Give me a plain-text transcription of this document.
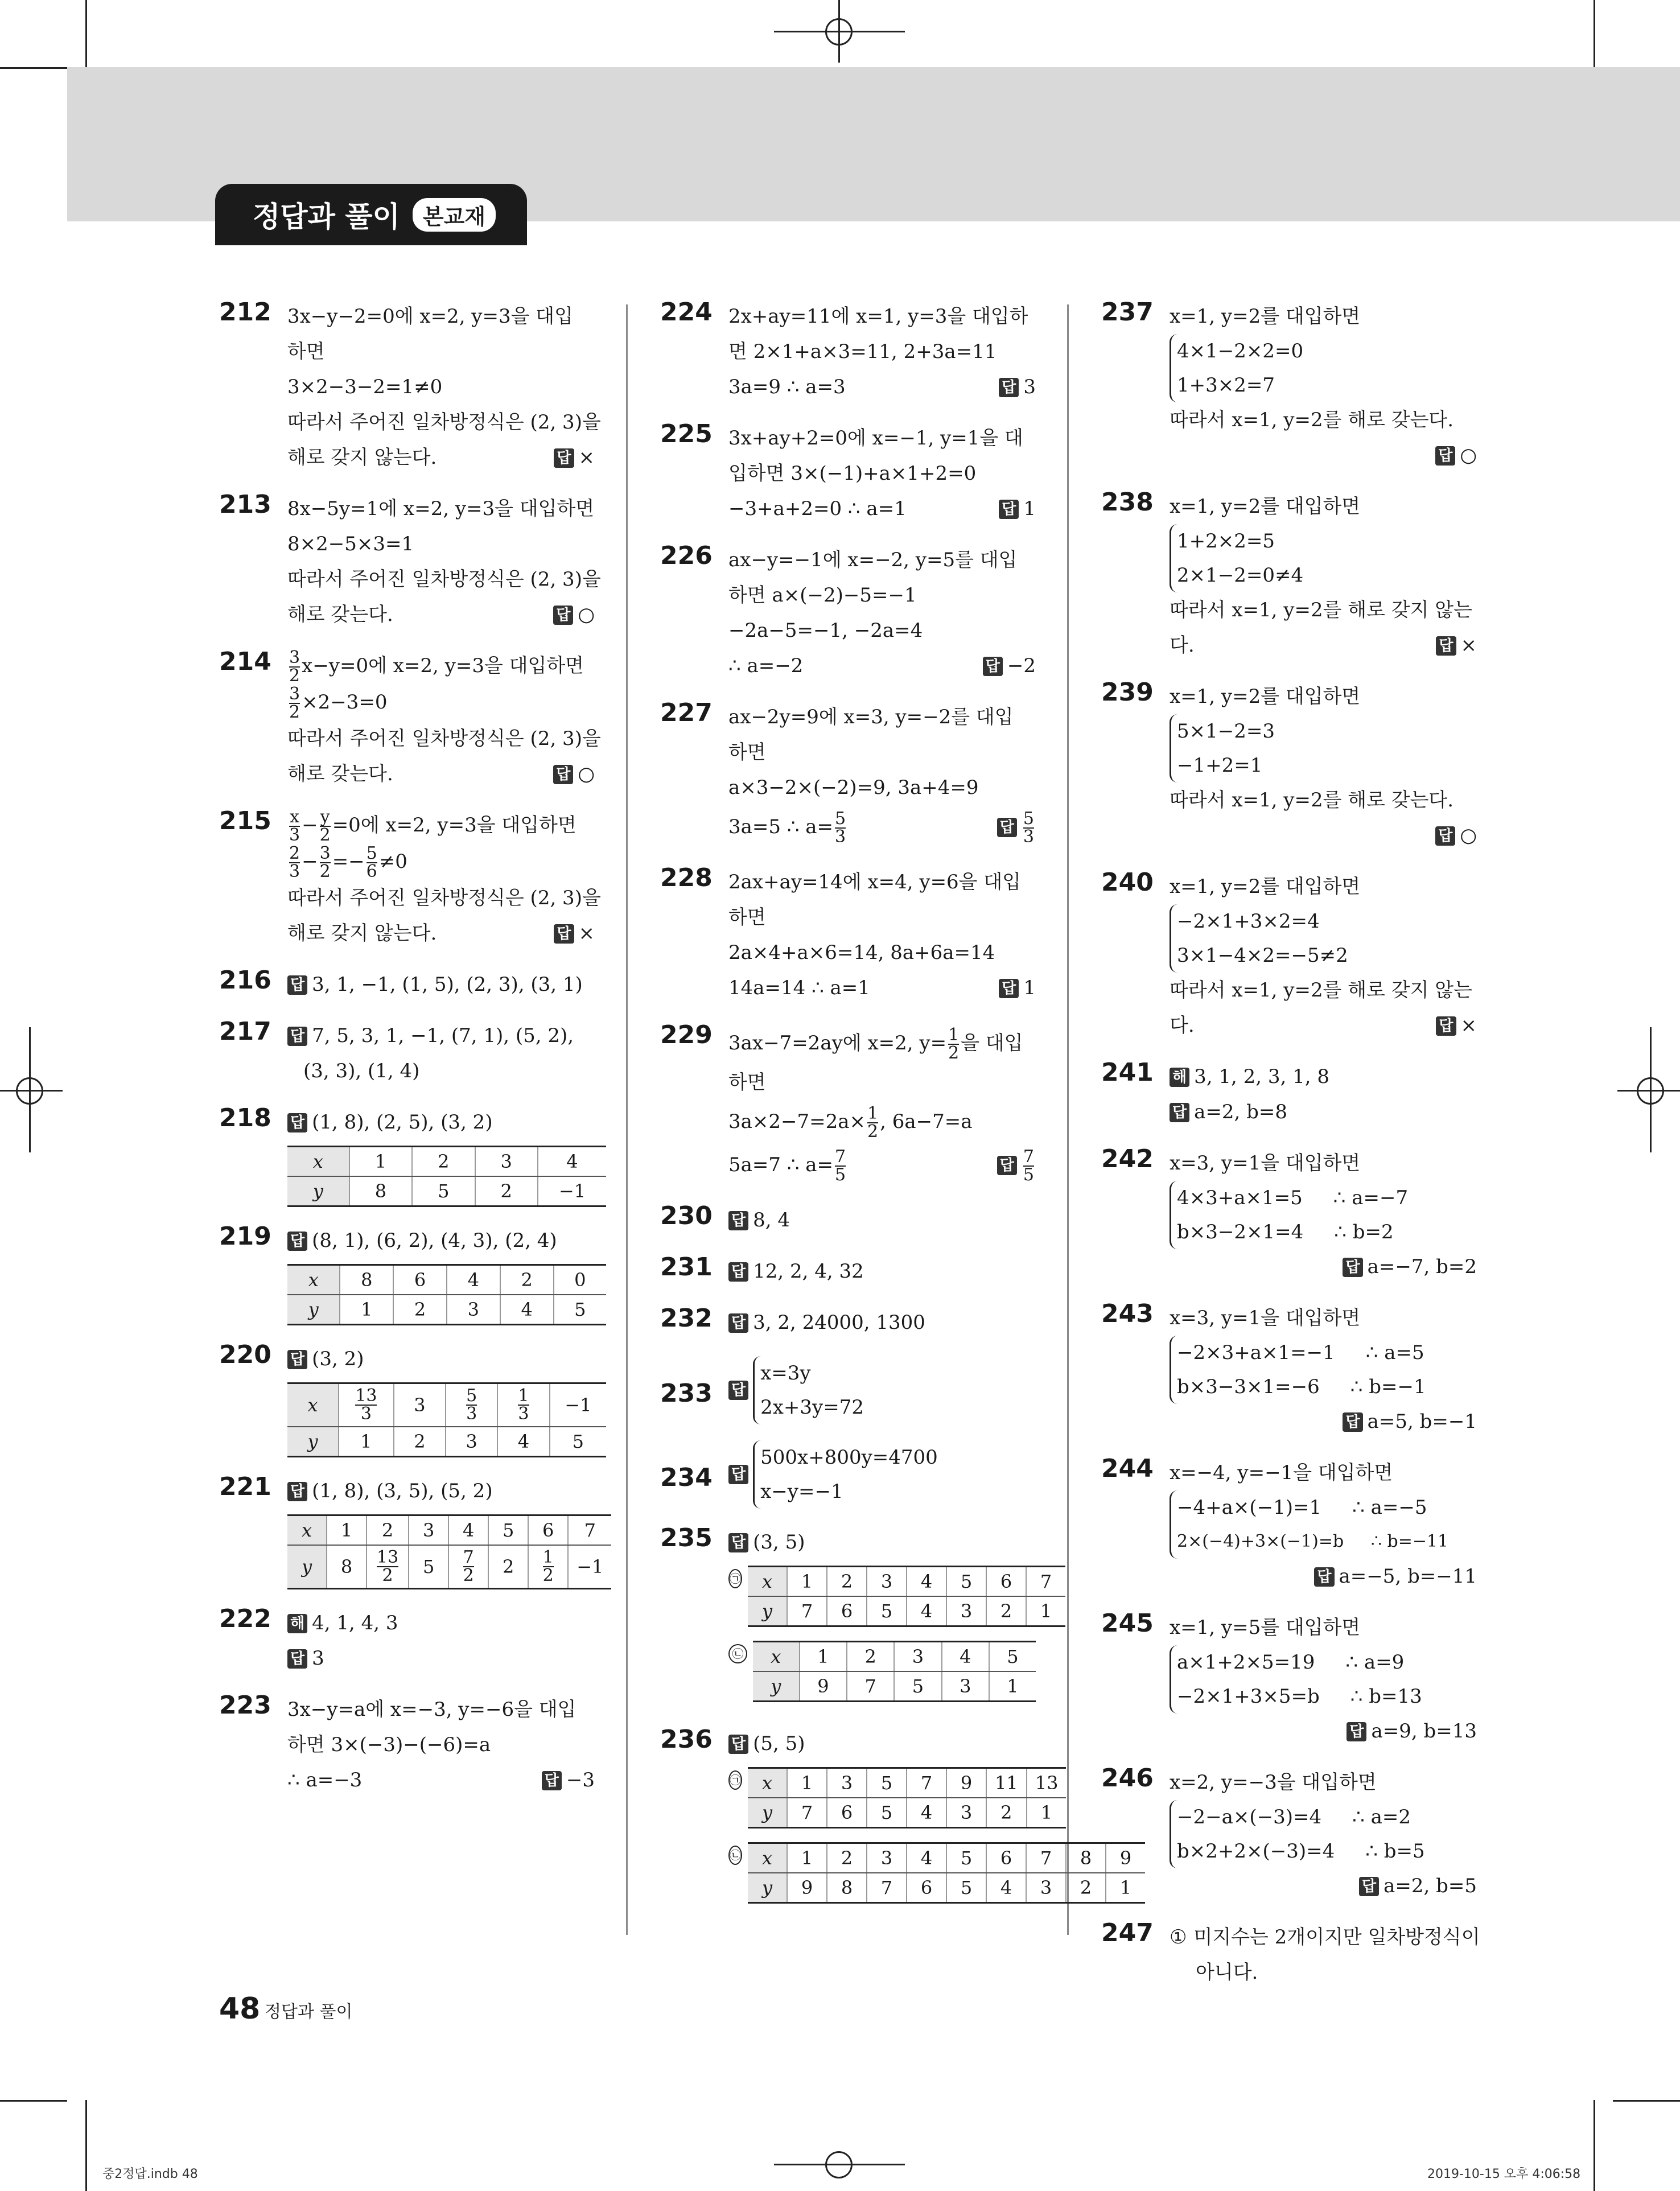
정답과 풀이	본교재
212 3x−y−2=0에 x=2, y=3을 대입
하면
3×2−3−2=1≠0
따라서 주어진 일차방정식은 (2, 3)을
해로 갖지 않는다.	답 ×
213 8x−5y=1에 x=2, y=3을 대입하면
8×2−5×3=1
따라서 주어진 일차방정식은 (2, 3)을
해로 갖는다.	답 ○
$214 \frac{3}{2} x-y=0$에 x=2, y=3을 대입하면
$\frac{3}{2} \times 2-3=0$
따라서 주어진 일차방정식은 (2, 3)을
해로 갖는다.	답 ○
$215 \frac{x}{3} - \frac{y}{2} =0$에 x=2, y=3을 대입하면
$\frac{2}{3} - \frac{3}{2} =- \frac{5}{6} \ne 0$
따라서 주어진 일차방정식은 (2, 3)을
해로 갖지 않는다.	답 ×
216 답 3, 1, −1, (1, 5), (2, 3), (3, 1)
217 답 7, 5, 3, 1, −1, (7, 1), (5, 2),
(3, 3), (1, 4)
218 답 (1, 8), (2, 5), (3, 2)
x	1	2	3	4
y	8	5	2	−1
219 답 (8, 1), (6, 2), (4, 3), (2, 4)
x	8	6	4	2	0
y	1	2	3	4	5
220 답 (3, 2)
x	$\frac{13}{3}$	3	$\frac{5}{3}$	$\frac{1}{3}$	−1
y	1	2	3	4	5
221 답 (1, 8), (3, 5), (5, 2)
x	1	2	3	4	5	6	7
y	8	$\frac{13}{2}$	5	$\frac{7}{2}$	2	$\frac{1}{2}$	−1
222 해 4, 1, 4, 3
답 3
223 3x−y=a에 x=−3, y=−6을 대입
하면 3×(−3)−(−6)=a
∴ a=−3	답 −3
224 2x+ay=11에 x=1, y=3을 대입하
면 2×1+a×3=11, 2+3a=11
3a=9 ∴ a=3	답 3
225 3x+ay+2=0에 x=−1, y=1을 대
입하면 3×(−1)+a×1+2=0
−3+a+2=0 ∴ a=1	답 1
226 ax−y=−1에 x=−2, y=5를 대입
하면 a×(−2)−5=−1
−2a−5=−1, −2a=4
∴ a=−2	답 −2
227 ax−2y=9에 x=3, y=−2를 대입
하면
a×3−2×(−2)=9, 3a+4=9
3a=5 ∴ $a= \frac{5}{3}$	답 $\frac{5}{3}$
228 2ax+ay=14에 x=4, y=6을 대입
하면
2a×4+a×6=14, 8a+6a=14
14a=14 ∴ a=1	답 1
229 3ax−7=2ay에 x=2, $y= \frac{1}{2}$ 을 대입
하면
$3a\times 2-7=2a\times \frac{1}{2}$ , 6a−7=a
5a=7 ∴ $a= \frac{7}{5}$	답 $\frac{7}{5}$
230 답 8, 4
231 답 12, 2, 4, 32
232 답 3, 2, 24000, 1300
233 답
x=3y
2x+3y=72
234 답
500x+800y=4700
x−y=−1
235 답 (3, 5)
㉠ x	1	2	3	4	5	6	7
y	7	6	5	4	3	2	1
㉡ x	1	2	3	4	5
y	9	7	5	3	1
236 답 (5, 5)
㉠ x	1	3	5	7	9	11	13
y	7	6	5	4	3	2	1
㉡ x	1	2	3	4	5	6	7	8	9
y	9	8	7	6	5	4	3	2	1
237 x=1, y=2를 대입하면
4×1−2×2=0
1+3×2=7
따라서 x=1, y=2를 해로 갖는다.
답 ○

238 x=1, y=2를 대입하면
1+2×2=5
2×1−2=0≠4
따라서 x=1, y=2를 해로 갖지 않는
다.	답 ×
239 x=1, y=2를 대입하면
5×1−2=3
−1+2=1
따라서 x=1, y=2를 해로 갖는다.
답 ○

240 x=1, y=2를 대입하면
−2×1+3×2=4
3×1−4×2=−5≠2
따라서 x=1, y=2를 해로 갖지 않는
다.	답 ×
241 해 3, 1, 2, 3, 1, 8
답 a=2, b=8
242 x=3, y=1을 대입하면
4×3+a×1=5     ∴ a=−7
b×3−2×1=4     ∴ b=2
답 a=−7, b=2

243 x=3, y=1을 대입하면
−2×3+a×1=−1     ∴ a=5
b×3−3×1=−6     ∴ b=−1
답 a=5, b=−1

244 x=−4, y=−1을 대입하면
−4+a×(−1)=1     ∴ a=−5
2×(−4)+3×(−1)=b     ∴ b=−11
답 a=−5, b=−11

245 x=1, y=5를 대입하면
a×1+2×5=19     ∴ a=9
−2×1+3×5=b     ∴ b=13
답 a=9, b=13

246 x=2, y=−3을 대입하면
−2−a×(−3)=4     ∴ a=2
b×2+2×(−3)=4     ∴ b=5
답 a=2, b=5

247 ① 미지수는 2개이지만 일차방정식이
아니다.
48 정답과 풀이
중2정답.indb 48	2019-10-15 오후 4:06:58
